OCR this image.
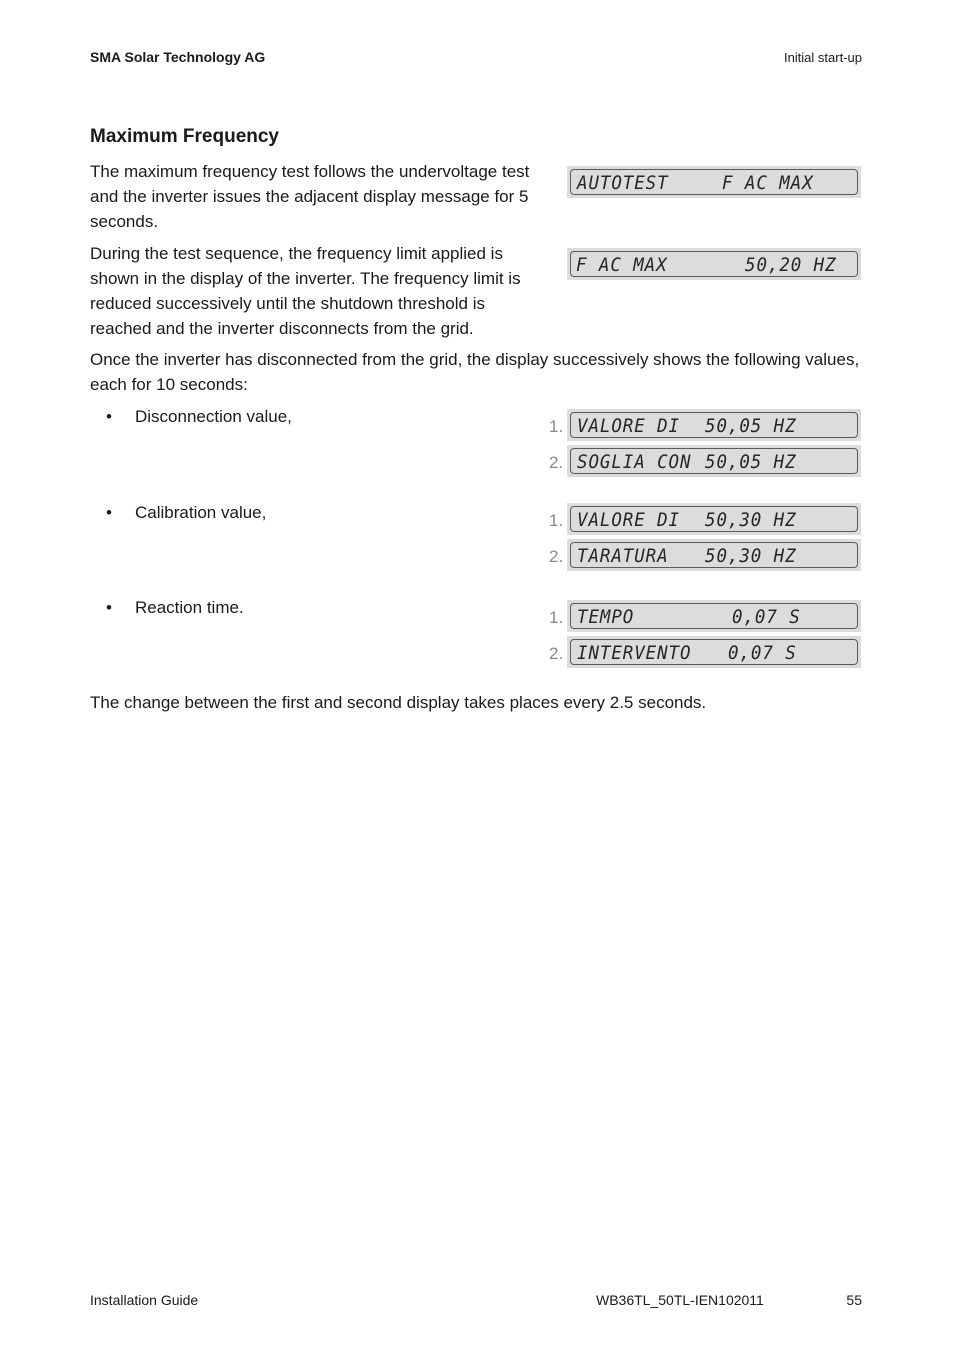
SMA Solar Technology AG	Initial start-up
Maximum Frequency
The maximum frequency test follows the undervoltage test and the inverter issues the adjacent display message for 5 seconds.
During the test sequence, the frequency limit applied is shown in the display of the inverter. The frequency limit is reduced successively until the shutdown threshold is reached and the inverter disconnects from the grid.
Once the inverter has disconnected from the grid, the display successively shows the following values, each for 10 seconds:
• Disconnection value,
• Calibration value,
• Reaction time.
AUTOTEST	F AC MAX
F AC MAX	50,20 HZ
1. VALORE DI 50,05 HZ
2. SOGLIA CON 50,05 HZ
1. VALORE DI 50,30 HZ
2. TARATURA 50,30 HZ
1. TEMPO	0,07 S
2. INTERVENTO 0,07 S
The change between the first and second display takes places every 2.5 seconds.
Installation Guide	WB36TL_50TL-IEN102011	55
